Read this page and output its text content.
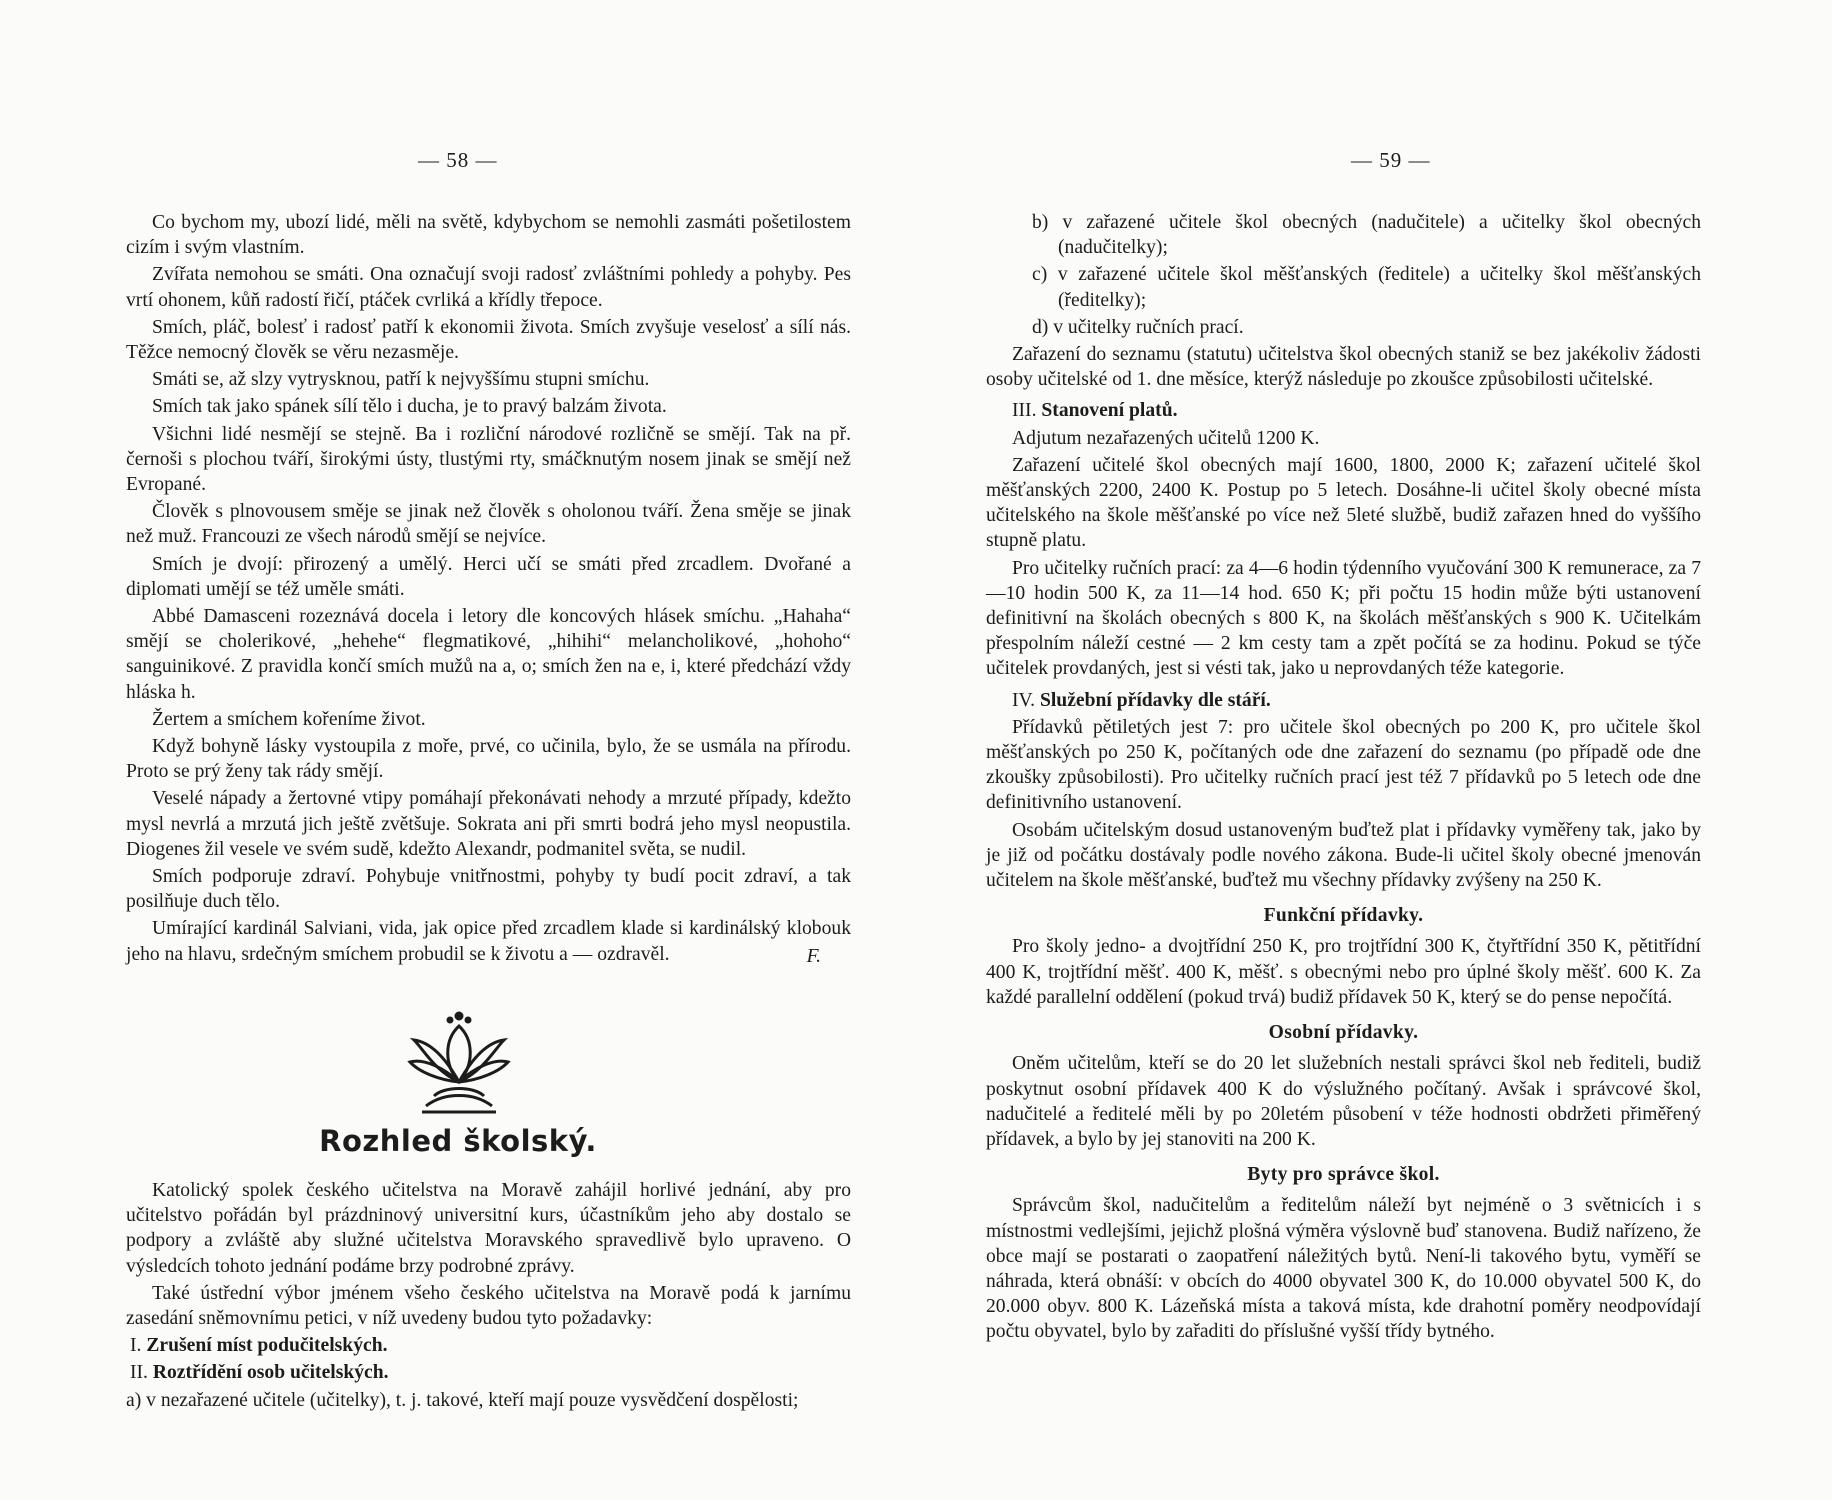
— 58 —

Co bychom my, ubozí lidé, měli na světě, kdybychom se nemohli zasmáti pošetilostem cizím i svým vlastním.

Zvířata nemohou se smáti. Ona označují svoji radosť zvláštními pohledy a pohyby. Pes vrtí ohonem, kůň radostí řičí, ptáček cvrliká a křídly třepoce.

Smích, pláč, bolesť i radosť patří k ekonomii života. Smích zvyšuje veselosť a sílí nás. Těžce nemocný člověk se věru nezasměje.

Smáti se, až slzy vytrysknou, patří k nejvyššímu stupni smíchu.

Smích tak jako spánek sílí tělo i ducha, je to pravý balzám života.

Všichni lidé nesmějí se stejně. Ba i rozliční národové rozličně se smějí. Tak na př. černoši s plochou tváří, širokými ústy, tlustými rty, smáčknutým nosem jinak se smějí než Evropané.

Člověk s plnovousem směje se jinak než člověk s oholonou tváří. Žena směje se jinak než muž. Francouzi ze všech národů smějí se nejvíce.

Smích je dvojí: přirozený a umělý. Herci učí se smáti před zrcadlem. Dvořané a diplomati umějí se též uměle smáti.

Abbé Damasceni rozeznává docela i letory dle koncových hlásek smíchu. „Hahaha“ smějí se cholerikové, „hehehe“ flegmatikové, „hihihi“ melancholikové, „hohoho“ sanguinikové. Z pravidla končí smích mužů na a, o; smích žen na e, i, které předchází vždy hláska h.

Žertem a smíchem kořeníme život.

Když bohyně lásky vystoupila z moře, prvé, co učinila, bylo, že se usmála na přírodu. Proto se prý ženy tak rády smějí.

Veselé nápady a žertovné vtipy pomáhají překonávati nehody a mrzuté případy, kdežto mysl nevrlá a mrzutá jich ještě zvětšuje. Sokrata ani při smrti bodrá jeho mysl neopustila. Diogenes žil vesele ve svém sudě, kdežto Alexandr, podmanitel světa, se nudil.

Smích podporuje zdraví. Pohybuje vnitřnostmi, pohyby ty budí pocit zdraví, a tak posilňuje duch tělo.

Umírající kardinál Salviani, vida, jak opice před zrcadlem klade si kardinálský klobouk jeho na hlavu, srdečným smíchem probudil se k životu a — ozdravěl.	F.
Rozhled školský.

Katolický spolek českého učitelstva na Moravě zahájil horlivé jednání, aby pro učitelstvo pořádán byl prázdninový universitní kurs, účastníkům jeho aby dostalo se podpory a zvláště aby služné učitelstva Moravského spravedlivě bylo upraveno. O výsledcích tohoto jednání podáme brzy podrobné zprávy.

Také ústřední výbor jménem všeho českého učitelstva na Moravě podá k jarnímu zasedání sněmovnímu petici, v níž uvedeny budou tyto požadavky:

I. Zrušení míst podučitelských.

II. Roztřídění osob učitelských.

a) v nezařazené učitele (učitelky), t. j. takové, kteří mají pouze vysvědčení dospělosti;

— 59 —

b) v zařazené učitele škol obecných (nadučitele) a učitelky škol obecných (nadučitelky);

c) v zařazené učitele škol měšťanských (ředitele) a učitelky škol měšťanských (ředitelky);

d) v učitelky ručních prací.

Zařazení do seznamu (statutu) učitelstva škol obecných staniž se bez jakékoliv žádosti osoby učitelské od 1. dne měsíce, kterýž následuje po zkoušce způsobilosti učitelské.

III. Stanovení platů.

Adjutum nezařazených učitelů 1200 K.

Zařazení učitelé škol obecných mají 1600, 1800, 2000 K; zařazení učitelé škol měšťanských 2200, 2400 K. Postup po 5 letech. Dosáhne-li učitel školy obecné místa učitelského na škole měšťanské po více než 5leté službě, budiž zařazen hned do vyššího stupně platu.

Pro učitelky ručních prací: za 4—6 hodin týdenního vyučování 300 K remunerace, za 7—10 hodin 500 K, za 11—14 hod. 650 K; při počtu 15 hodin může býti ustanovení definitivní na školách obecných s 800 K, na školách měšťanských s 900 K. Učitelkám přespolním náleží cestné — 2 km cesty tam a zpět počítá se za hodinu. Pokud se týče učitelek provdaných, jest si vésti tak, jako u neprovdaných téže kategorie.

IV. Služební přídavky dle stáří.

Přídavků pětiletých jest 7: pro učitele škol obecných po 200 K, pro učitele škol měšťanských po 250 K, počítaných ode dne zařazení do seznamu (po případě ode dne zkoušky způsobilosti). Pro učitelky ručních prací jest též 7 přídavků po 5 letech ode dne definitivního ustanovení.

Osobám učitelským dosud ustanoveným buďtež plat i přídavky vyměřeny tak, jako by je již od počátku dostávaly podle nového zákona. Bude-li učitel školy obecné jmenován učitelem na škole měšťanské, buďtež mu všechny přídavky zvýšeny na 250 K.

Funkční přídavky.

Pro školy jedno- a dvojtřídní 250 K, pro trojtřídní 300 K, čtyřtřídní 350 K, pětitřídní 400 K, trojtřídní měšť. 400 K, měšť. s obecnými nebo pro úplné školy měšť. 600 K. Za každé parallelní oddělení (pokud trvá) budiž přídavek 50 K, který se do pense nepočítá.

Osobní přídavky.

Oněm učitelům, kteří se do 20 let služebních nestali správci škol neb řediteli, budiž poskytnut osobní přídavek 400 K do výslužného počítaný. Avšak i správcové škol, nadučitelé a ředitelé měli by po 20letém působení v téže hodnosti obdržeti přiměřený přídavek, a bylo by jej stanoviti na 200 K.

Byty pro správce škol.

Správcům škol, nadučitelům a ředitelům náleží byt nejméně o 3 světnicích i s místnostmi vedlejšími, jejichž plošná výměra výslovně buď stanovena. Budiž nařízeno, že obce mají se postarati o zaopatření náležitých bytů. Není-li takového bytu, vyměří se náhrada, která obnáší: v obcích do 4000 obyvatel 300 K, do 10.000 obyvatel 500 K, do 20.000 obyv. 800 K. Lázeňská místa a taková místa, kde drahotní poměry neodpovídají počtu obyvatel, bylo by zařaditi do příslušné vyšší třídy bytného.
